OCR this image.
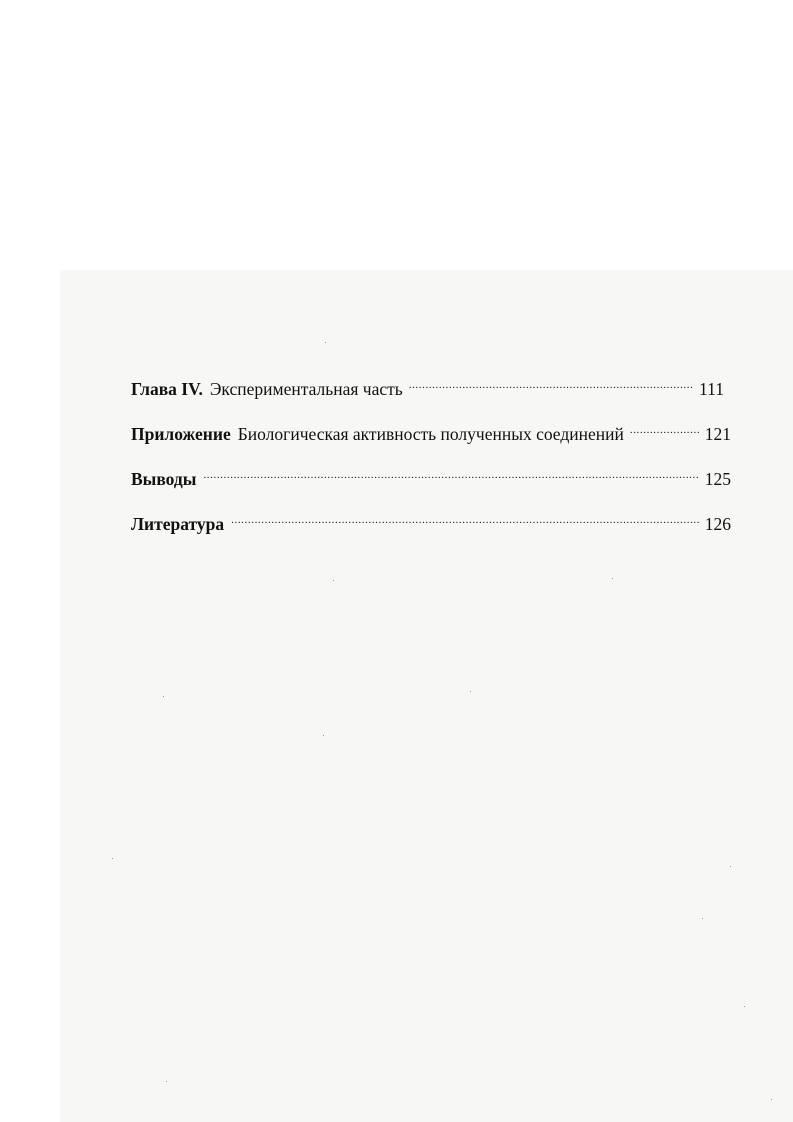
Глава IV. Экспериментальная часть .....	111
Приложение Биологическая активность полученных соединений .....	121
Выводы .....	125
Литература .....	126
